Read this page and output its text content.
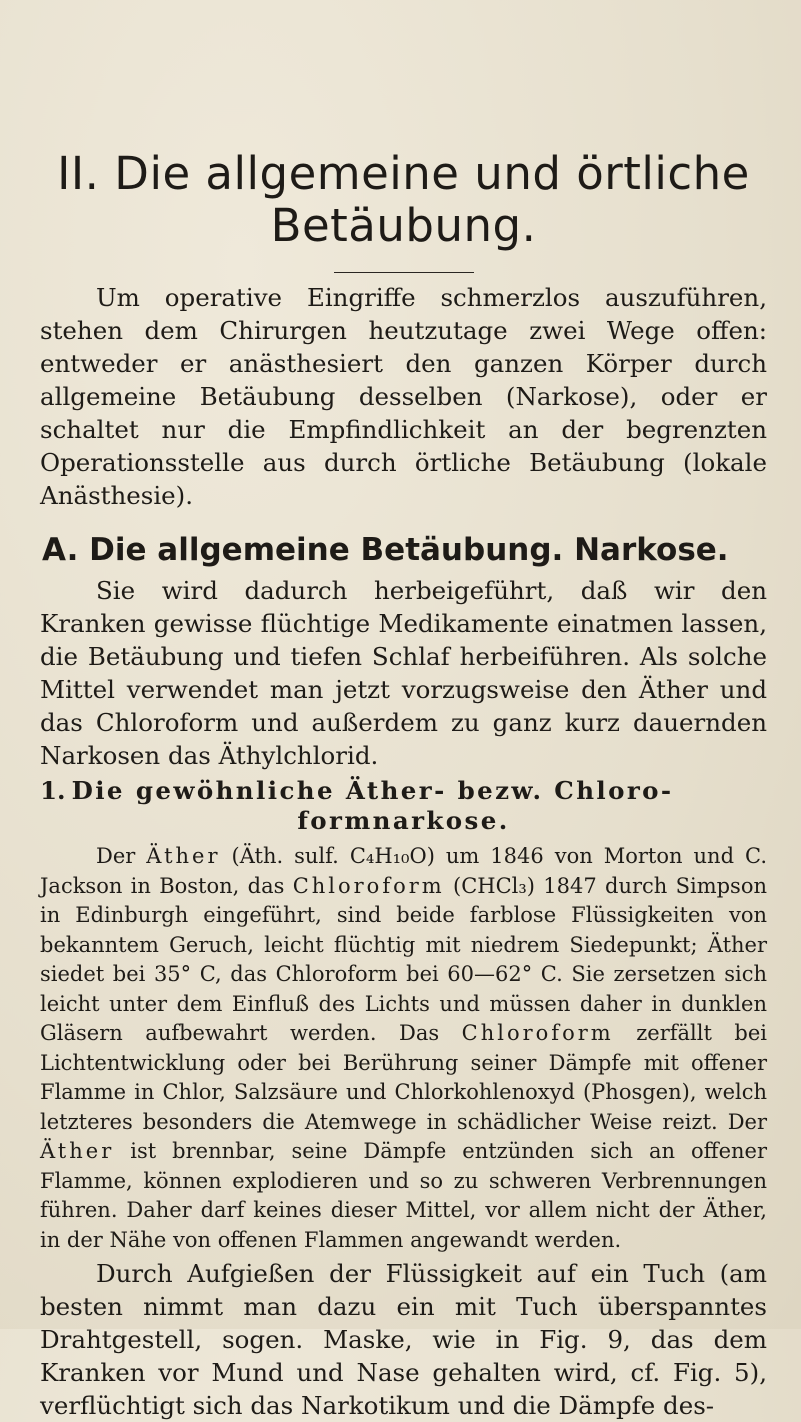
II. Die allgemeine und örtliche
Betäubung.

Um operative Eingriffe schmerzlos auszuführen, stehen dem Chirurgen heutzutage zwei Wege offen: entweder er anästhesiert den ganzen Körper durch allgemeine Betäubung desselben (Narkose), oder er schaltet nur die Empfindlichkeit an der begrenzten Operationsstelle aus durch örtliche Betäubung (lokale Anästhesie).

A. Die allgemeine Betäubung. Narkose.

Sie wird dadurch herbeigeführt, daß wir den Kranken gewisse flüchtige Medikamente einatmen lassen, die Betäubung und tiefen Schlaf herbeiführen. Als solche Mittel verwendet man jetzt vorzugsweise den Äther und das Chloroform und außerdem zu ganz kurz dauernden Narkosen das Äthylchlorid.

1. Die gewöhnliche Äther- bezw. Chloro-
formnarkose.

Der Äther (Äth. sulf. C₄H₁₀O) um 1846 von Morton und C. Jackson in Boston, das Chloroform (CHCl₃) 1847 durch Simpson in Edinburgh eingeführt, sind beide farblose Flüssigkeiten von bekanntem Geruch, leicht flüchtig mit niedrem Siedepunkt; Äther siedet bei 35° C, das Chloroform bei 60—62° C. Sie zersetzen sich leicht unter dem Einfluß des Lichts und müssen daher in dunklen Gläsern aufbewahrt werden. Das Chloroform zerfällt bei Lichtentwicklung oder bei Berührung seiner Dämpfe mit offener Flamme in Chlor, Salzsäure und Chlorkohlenoxyd (Phosgen), welch letzteres besonders die Atemwege in schädlicher Weise reizt. Der Äther ist brennbar, seine Dämpfe entzünden sich an offener Flamme, können explodieren und so zu schweren Verbrennungen führen. Daher darf keines dieser Mittel, vor allem nicht der Äther, in der Nähe von offenen Flammen angewandt werden.

Durch Aufgießen der Flüssigkeit auf ein Tuch (am besten nimmt man dazu ein mit Tuch überspanntes Drahtgestell, sogen. Maske, wie in Fig. 9, das dem Kranken vor Mund und Nase gehalten wird, cf. Fig. 5), verflüchtigt sich das Narkotikum und die Dämpfe des-
